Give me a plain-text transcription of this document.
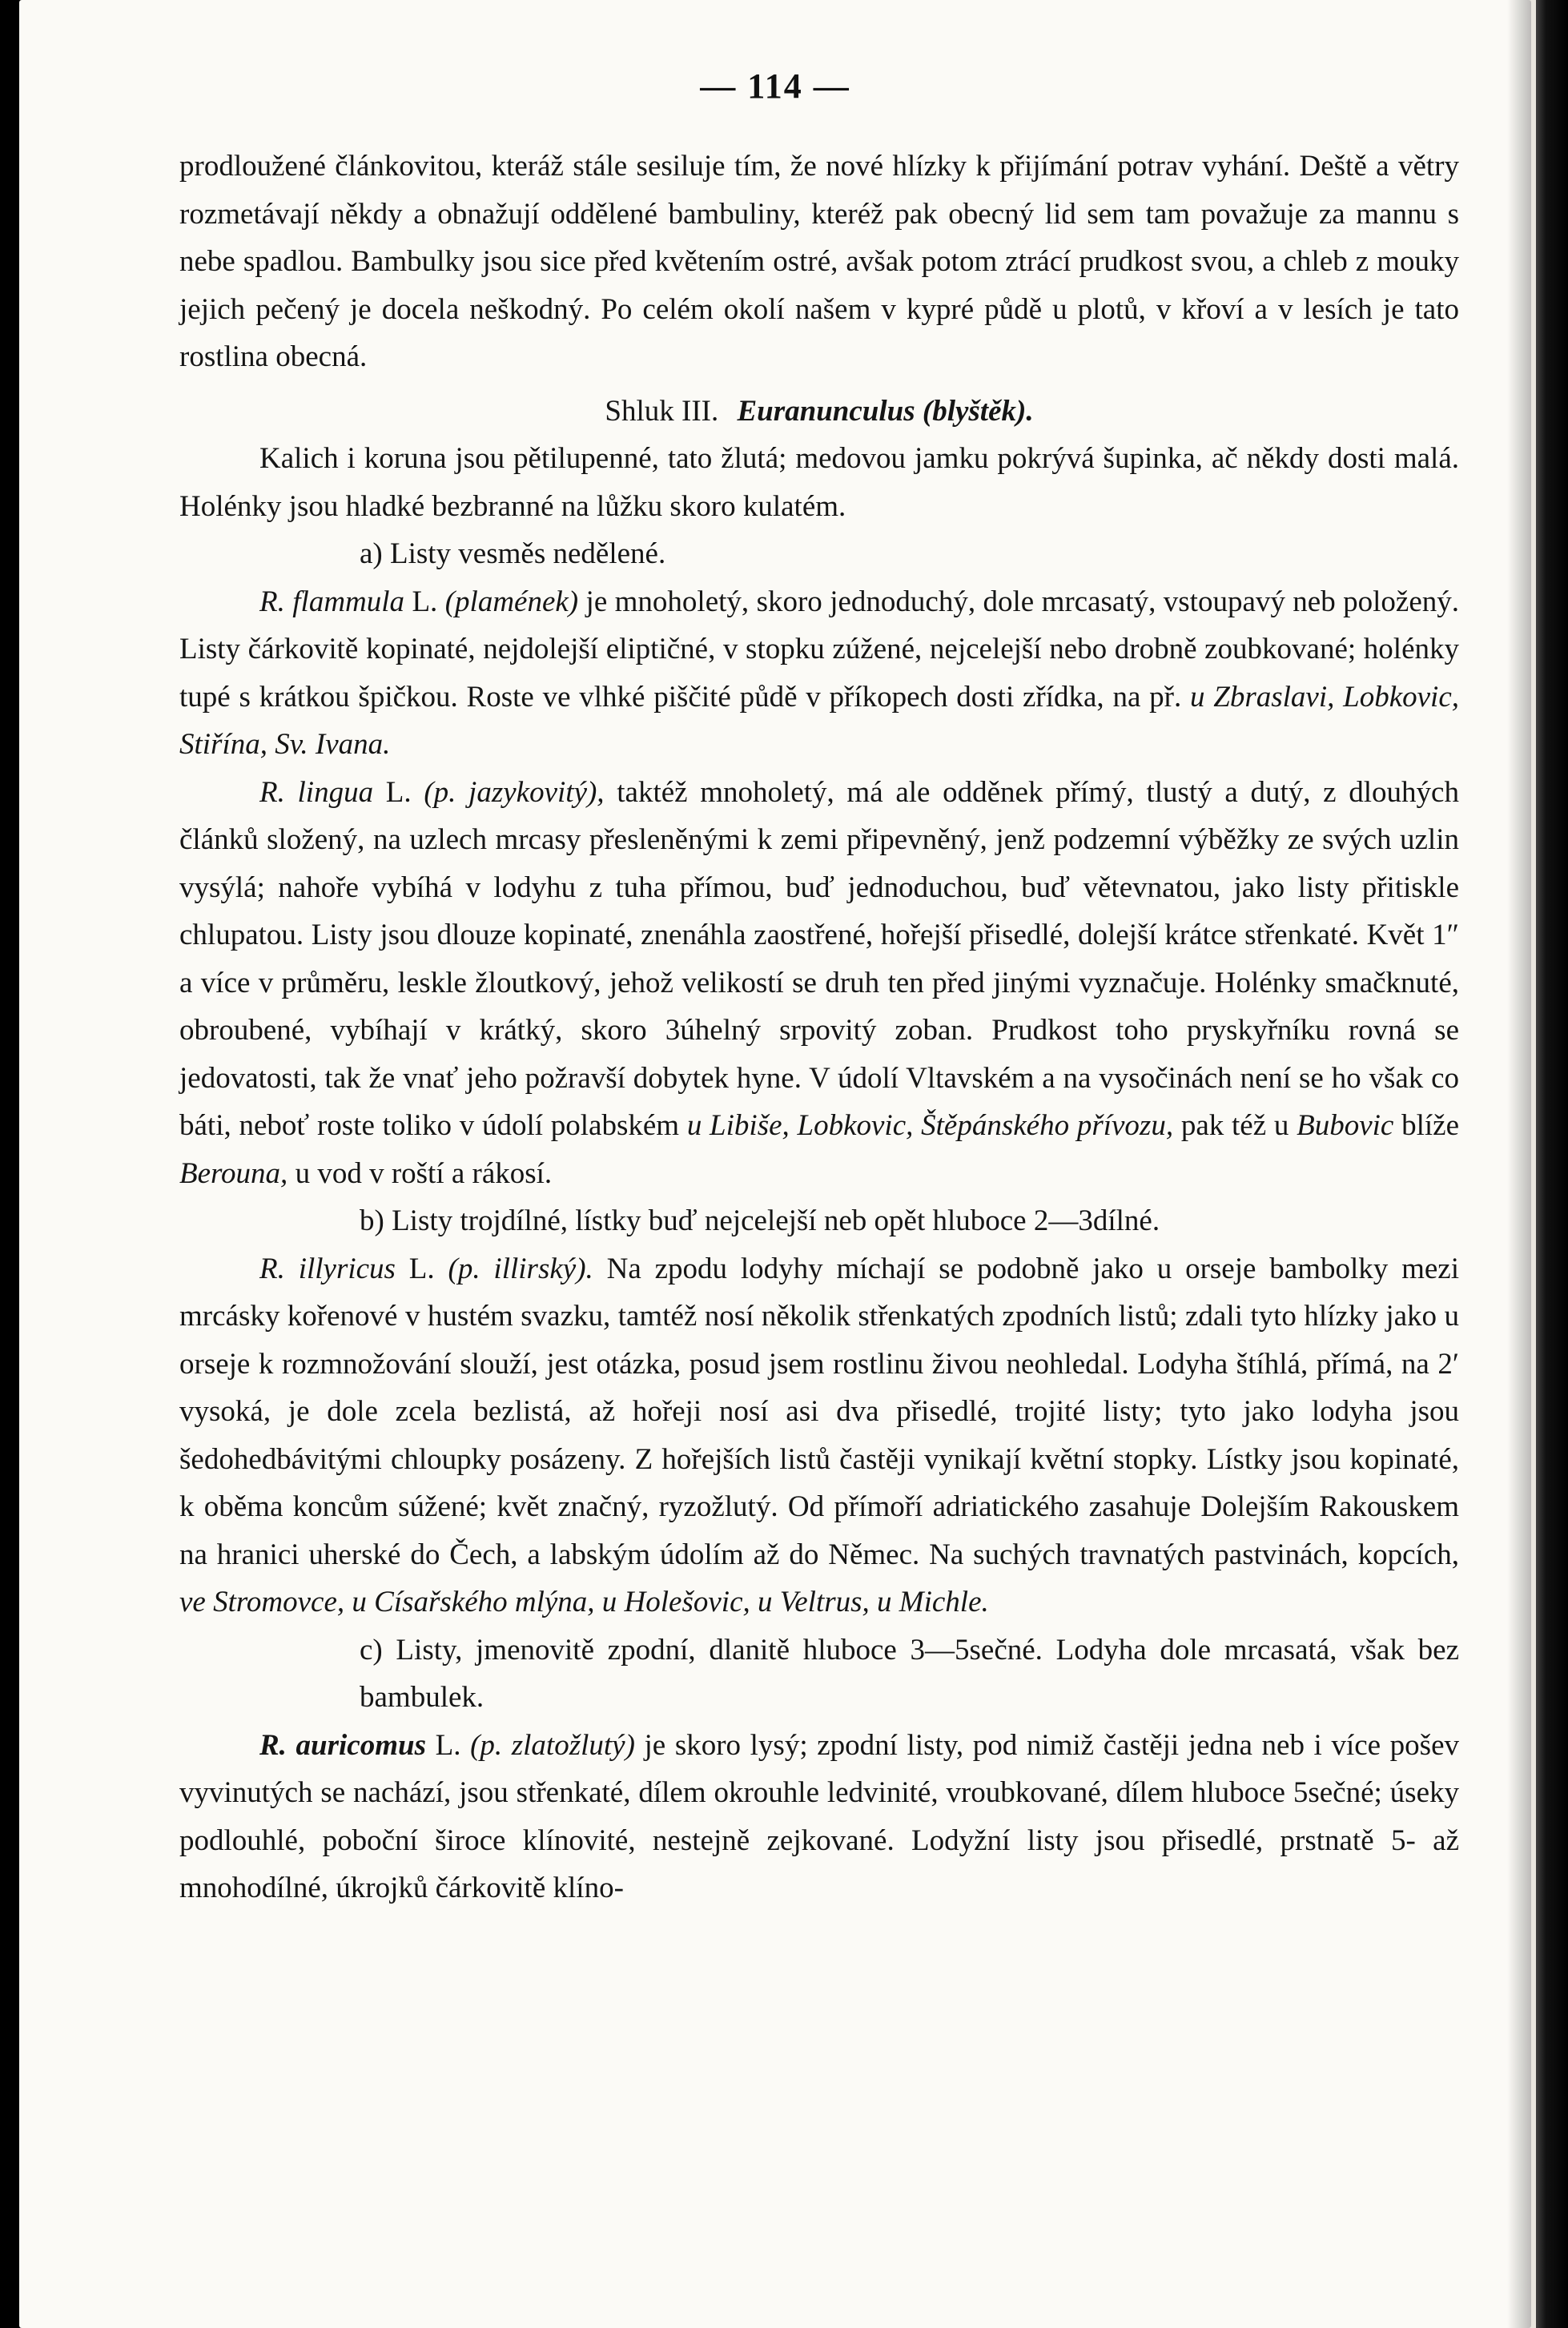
— 114 —

prodloužené článkovitou, kteráž stále sesiluje tím, že nové hlízky k přijímání potrav vyhání. Deště a větry rozmetávají někdy a obnažují oddělené bambuliny, kteréž pak obecný lid sem tam považuje za mannu s nebe spadlou. Bambulky jsou sice před květením ostré, avšak potom ztrácí prudkost svou, a chleb z mouky jejich pečený je docela neškodný. Po celém okolí našem v kypré půdě u plotů, v křoví a v lesích je tato rostlina obecná.

Shluk III. Euranunculus (blyštěk).

Kalich i koruna jsou pětilupenné, tato žlutá; medovou jamku pokrývá šupinka, ač někdy dosti malá. Holénky jsou hladké bezbranné na lůžku skoro kulatém.

a) Listy vesměs nedělené.

R. flammula L. (plamének) je mnoholetý, skoro jednoduchý, dole mrcasatý, vstoupavý neb položený. Listy čárkovitě kopinaté, nejdolejší eliptičné, v stopku zúžené, nejcelejší nebo drobně zoubkované; holénky tupé s krátkou špičkou. Roste ve vlhké piščité půdě v příkopech dosti zřídka, na př. u Zbraslavi, Lobkovic, Stiřína, Sv. Ivana.

R. lingua L. (p. jazykovitý), taktéž mnoholetý, má ale odděnek přímý, tlustý a dutý, z dlouhých článků složený, na uzlech mrcasy přesleněnými k zemi připevněný, jenž podzemní výběžky ze svých uzlin vysýlá; nahoře vybíhá v lodyhu z tuha přímou, buď jednoduchou, buď větevnatou, jako listy přitiskle chlupatou. Listy jsou dlouze kopinaté, znenáhla zaostřené, hořejší přisedlé, dolejší krátce střenkaté. Květ 1″ a více v průměru, leskle žloutkový, jehož velikostí se druh ten před jinými vyznačuje. Holénky smačknuté, obroubené, vybíhají v krátký, skoro 3úhelný srpovitý zoban. Prudkost toho pryskyřníku rovná se jedovatosti, tak že vnať jeho požravší dobytek hyne. V údolí Vltavském a na vysočinách není se ho však co báti, neboť roste toliko v údolí polabském u Libiše, Lobkovic, Štěpánského přívozu, pak též u Bubovic blíže Berouna, u vod v roští a rákosí.

b) Listy trojdílné, lístky buď nejcelejší neb opět hluboce 2—3dílné.

R. illyricus L. (p. illirský). Na zpodu lodyhy míchají se podobně jako u orseje bambolky mezi mrcásky kořenové v hustém svazku, tamtéž nosí několik střenkatých zpodních listů; zdali tyto hlízky jako u orseje k rozmnožování slouží, jest otázka, posud jsem rostlinu živou neohledal. Lodyha štíhlá, přímá, na 2′ vysoká, je dole zcela bezlistá, až hořeji nosí asi dva přisedlé, trojité listy; tyto jako lodyha jsou šedohedbávitými chloupky posázeny. Z hořejších listů častěji vynikají květní stopky. Lístky jsou kopinaté, k oběma koncům súžené; květ značný, ryzožlutý. Od přímoří adriatického zasahuje Dolejším Rakouskem na hranici uherské do Čech, a labským údolím až do Němec. Na suchých travnatých pastvinách, kopcích, ve Stromovce, u Císařského mlýna, u Holešovic, u Veltrus, u Michle.

c) Listy, jmenovitě zpodní, dlanitě hluboce 3—5sečné. Lodyha dole mrcasatá, však bez bambulek.

R. auricomus L. (p. zlatožlutý) je skoro lysý; zpodní listy, pod nimiž častěji jedna neb i více pošev vyvinutých se nachází, jsou střenkaté, dílem okrouhle ledvinité, vroubkované, dílem hluboce 5sečné; úseky podlouhlé, poboční široce klínovité, nestejně zejkované. Lodyžní listy jsou přisedlé, prstnatě 5- až mnohodílné, úkrojků čárkovitě klíno-
